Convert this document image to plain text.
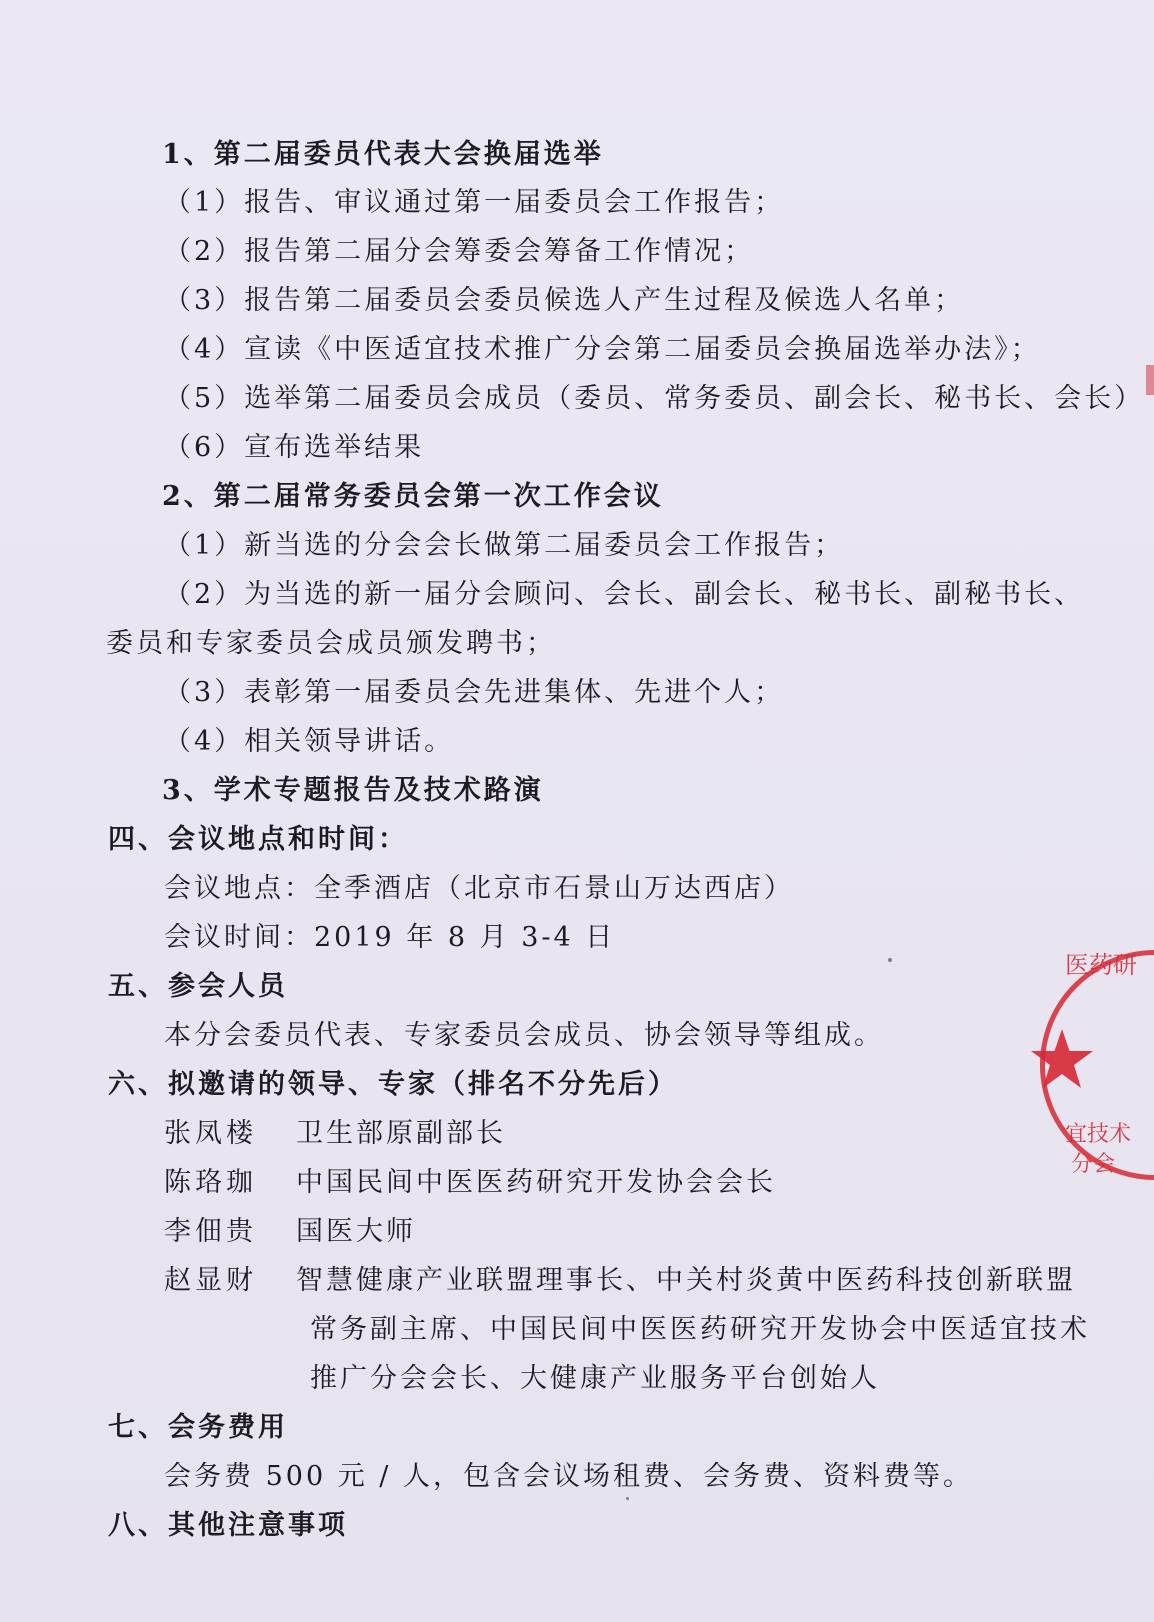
1、第二届委员代表大会换届选举
（1）报告、审议通过第一届委员会工作报告；
（2）报告第二届分会筹委会筹备工作情况；
（3）报告第二届委员会委员候选人产生过程及候选人名单；
（4）宣读《中医适宜技术推广分会第二届委员会换届选举办法》；
（5）选举第二届委员会成员（委员、常务委员、副会长、秘书长、会长）
（6）宣布选举结果
2、第二届常务委员会第一次工作会议
（1）新当选的分会会长做第二届委员会工作报告；
（2）为当选的新一届分会顾问、会长、副会长、秘书长、副秘书长、
委员和专家委员会成员颁发聘书；
（3）表彰第一届委员会先进集体、先进个人；
（4）相关领导讲话。
3、学术专题报告及技术路演
四、会议地点和时间：
会议地点：全季酒店（北京市石景山万达西店）
会议时间：2019 年 8 月 3-4 日
五、参会人员
本分会委员代表、专家委员会成员、协会领导等组成。
六、拟邀请的领导、专家（排名不分先后）
张凤楼 卫生部原副部长
陈珞珈 中国民间中医医药研究开发协会会长
李佃贵 国医大师
赵显财 智慧健康产业联盟理事长、中关村炎黄中医药科技创新联盟
常务副主席、中国民间中医医药研究开发协会中医适宜技术
推广分会会长、大健康产业服务平台创始人
七、会务费用
会务费 500 元 / 人，包含会议场租费、会务费、资料费等。
八、其他注意事项
医药研
宜技术
分会
